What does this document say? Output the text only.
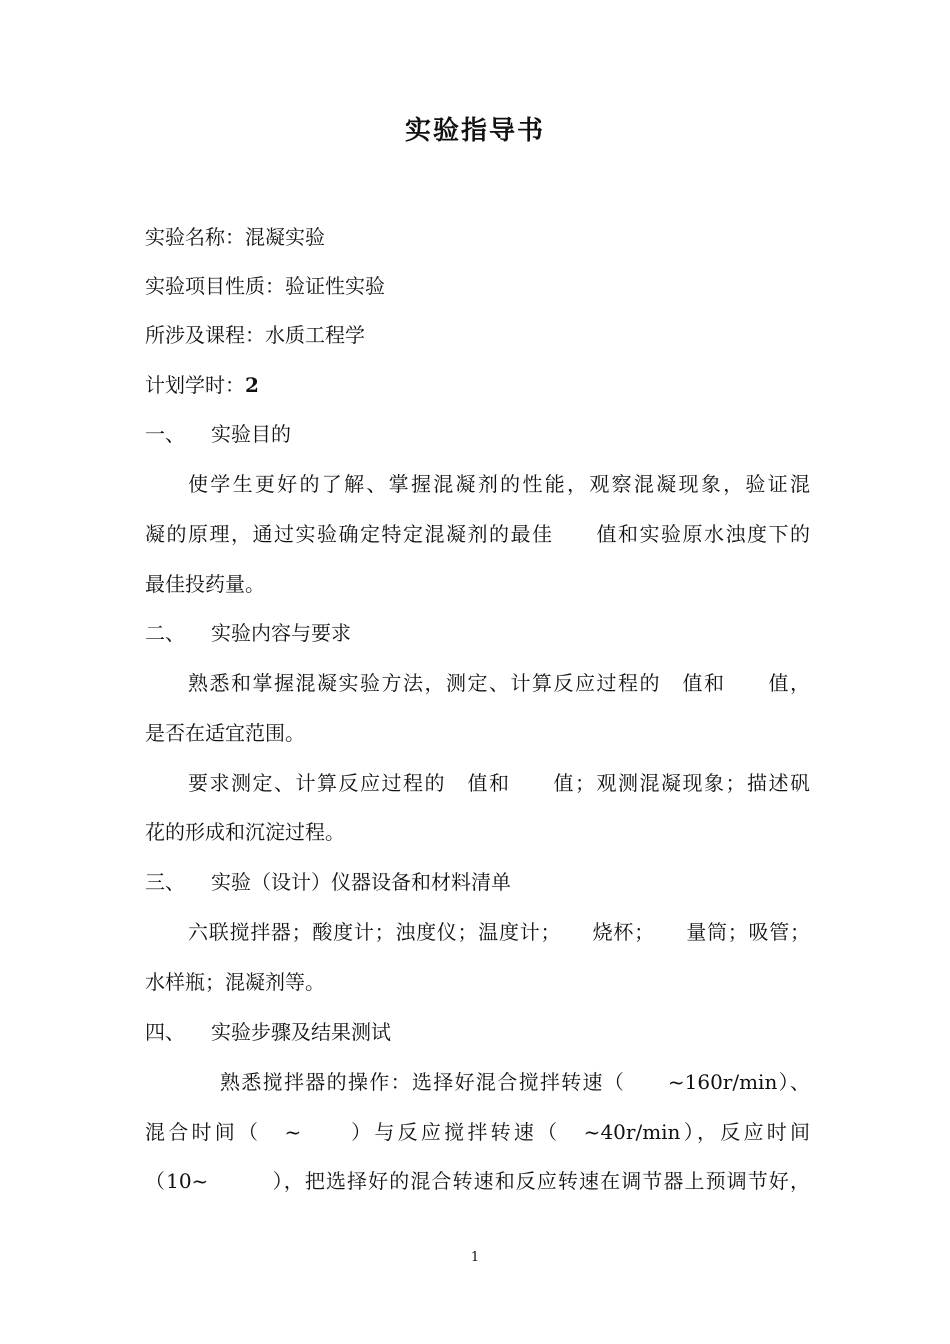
实验指导书
实验名称：混凝实验
实验项目性质：验证性实验
所涉及课程：水质工程学
计划学时：2
一、 实验目的
使学生更好的了解、掌握混凝剂的性能，观察混凝现象，验证混
凝的原理，通过实验确定特定混凝剂的最佳　　值和实验原水浊度下的
最佳投药量。
二、 实验内容与要求
熟悉和掌握混凝实验方法，测定、计算反应过程的　值和　　值，
是否在适宜范围。
要求测定、计算反应过程的　值和　　值；观测混凝现象；描述矾
花的形成和沉淀过程。
三、 实验（设计）仪器设备和材料清单
六联搅拌器；酸度计；浊度仪；温度计；　　烧杯；　　量筒；吸管；
水样瓶；混凝剂等。
四、 实验步骤及结果测试
熟悉搅拌器的操作：选择好混合搅拌转速（　　~160r/min）、
混合时间（　~　　）与反应搅拌转速（　~40r/min），反应时间
（10~　　　），把选择好的混合转速和反应转速在调节器上预调节好，
1
